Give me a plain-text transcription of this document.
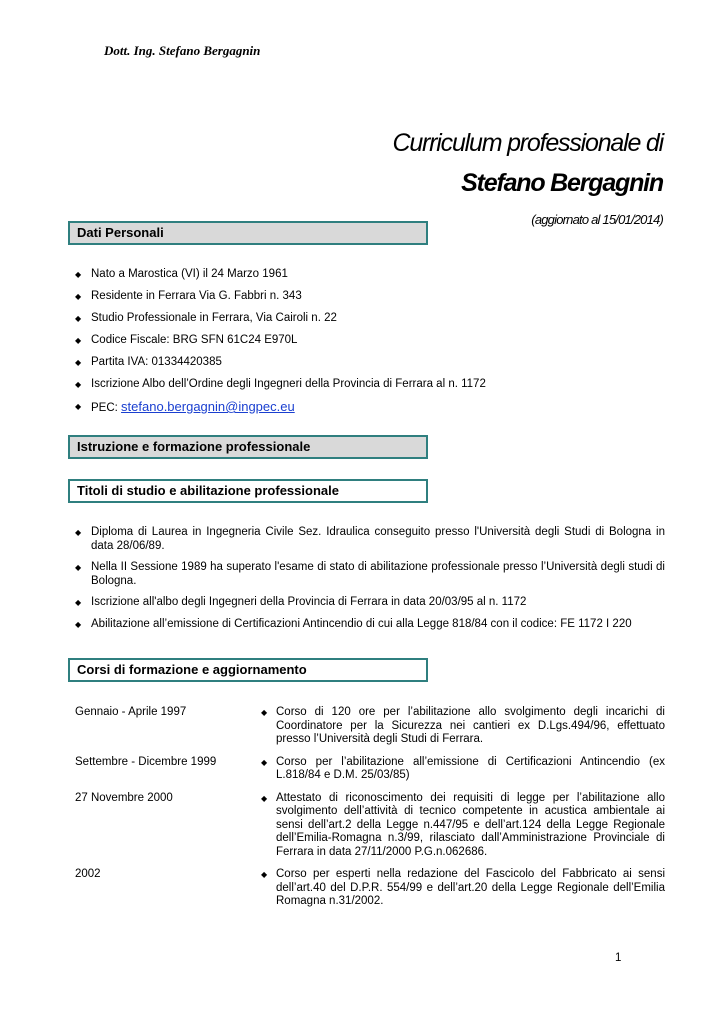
Dott. Ing. Stefano Bergagnin
Curriculum professionale di
Stefano Bergagnin
(aggiornato al 15/01/2014)
Dati Personali
◆ Nato a Marostica (VI) il 24 Marzo 1961
◆ Residente in Ferrara Via G. Fabbri n. 343
◆ Studio Professionale in Ferrara, Via Cairoli n. 22
◆ Codice Fiscale: BRG SFN 61C24 E970L
◆ Partita IVA: 01334420385
◆ Iscrizione Albo dell’Ordine degli Ingegneri della Provincia di Ferrara al n. 1172
◆ PEC: stefano.bergagnin@ingpec.eu
Istruzione e formazione professionale
Titoli di studio e abilitazione professionale
◆ Diploma di Laurea in Ingegneria Civile Sez. Idraulica conseguito presso l'Università degli Studi di Bologna in data 28/06/89.
◆ Nella II Sessione 1989 ha superato l'esame di stato di abilitazione professionale presso l’Università degli studi di Bologna.
◆ Iscrizione all'albo degli Ingegneri della Provincia di Ferrara in data 20/03/95 al n. 1172
◆ Abilitazione all’emissione di Certificazioni Antincendio di cui alla Legge 818/84 con il codice: FE 1172 I 220
Corsi di formazione e aggiornamento
Gennaio - Aprile 1997	◆ Corso di 120 ore per l’abilitazione allo svolgimento degli incarichi di Coordinatore per la Sicurezza nei cantieri ex D.Lgs.494/96, effettuato presso l’Università degli Studi di Ferrara.
Settembre - Dicembre 1999	◆ Corso per l’abilitazione all’emissione di Certificazioni Antincendio (ex L.818/84 e D.M. 25/03/85)
27 Novembre 2000	◆ Attestato di riconoscimento dei requisiti di legge per l’abilitazione allo svolgimento dell’attività di tecnico competente in acustica ambientale ai sensi dell’art.2 della Legge n.447/95 e dell’art.124 della Legge Regionale dell’Emilia-Romagna n.3/99, rilasciato dall’Amministrazione Provinciale di Ferrara in data 27/11/2000 P.G.n.062686.
2002	◆ Corso per esperti nella redazione del Fascicolo del Fabbricato ai sensi dell’art.40 del D.P.R. 554/99 e dell’art.20 della Legge Regionale dell’Emilia Romagna n.31/2002.
1
